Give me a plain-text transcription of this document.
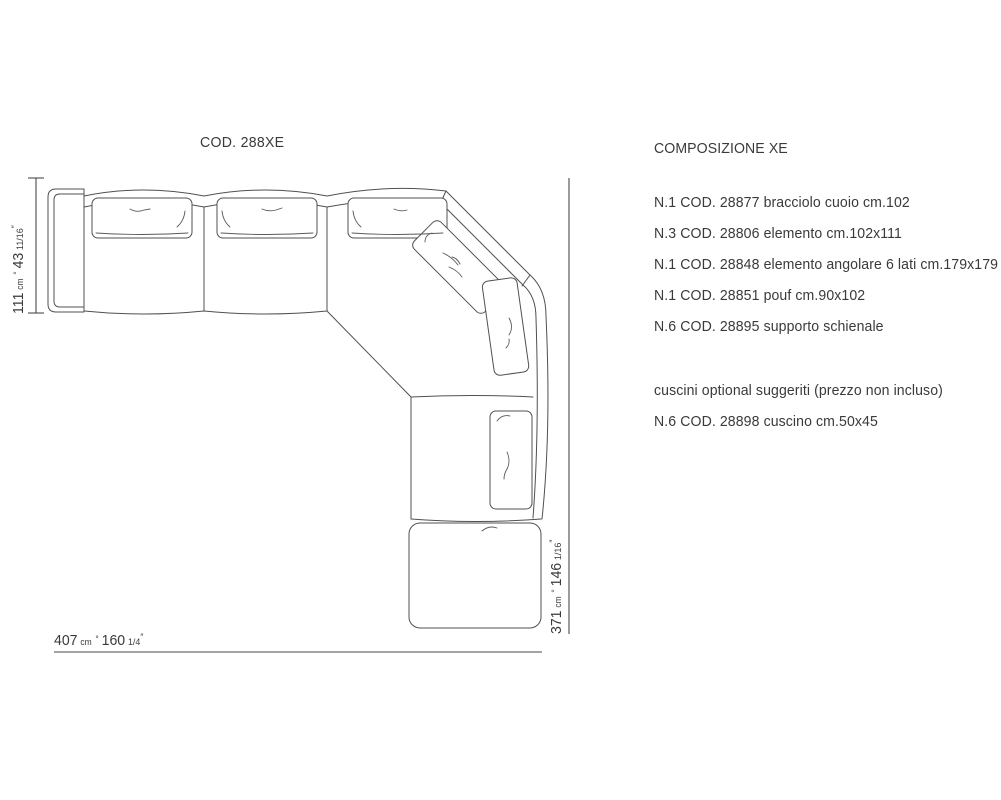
COD. 288XE
111cm°4311/16″
407 cm ° 160 1/4″
371cm°1461/16″
COMPOSIZIONE XE
N.1 COD. 28877 bracciolo cuoio cm.102
N.3 COD. 28806 elemento cm.102x111
N.1 COD. 28848 elemento angolare 6 lati cm.179x179
N.1 COD. 28851 pouf cm.90x102
N.6 COD. 28895 supporto schienale
cuscini optional suggeriti (prezzo non incluso)
N.6 COD. 28898 cuscino cm.50x45
